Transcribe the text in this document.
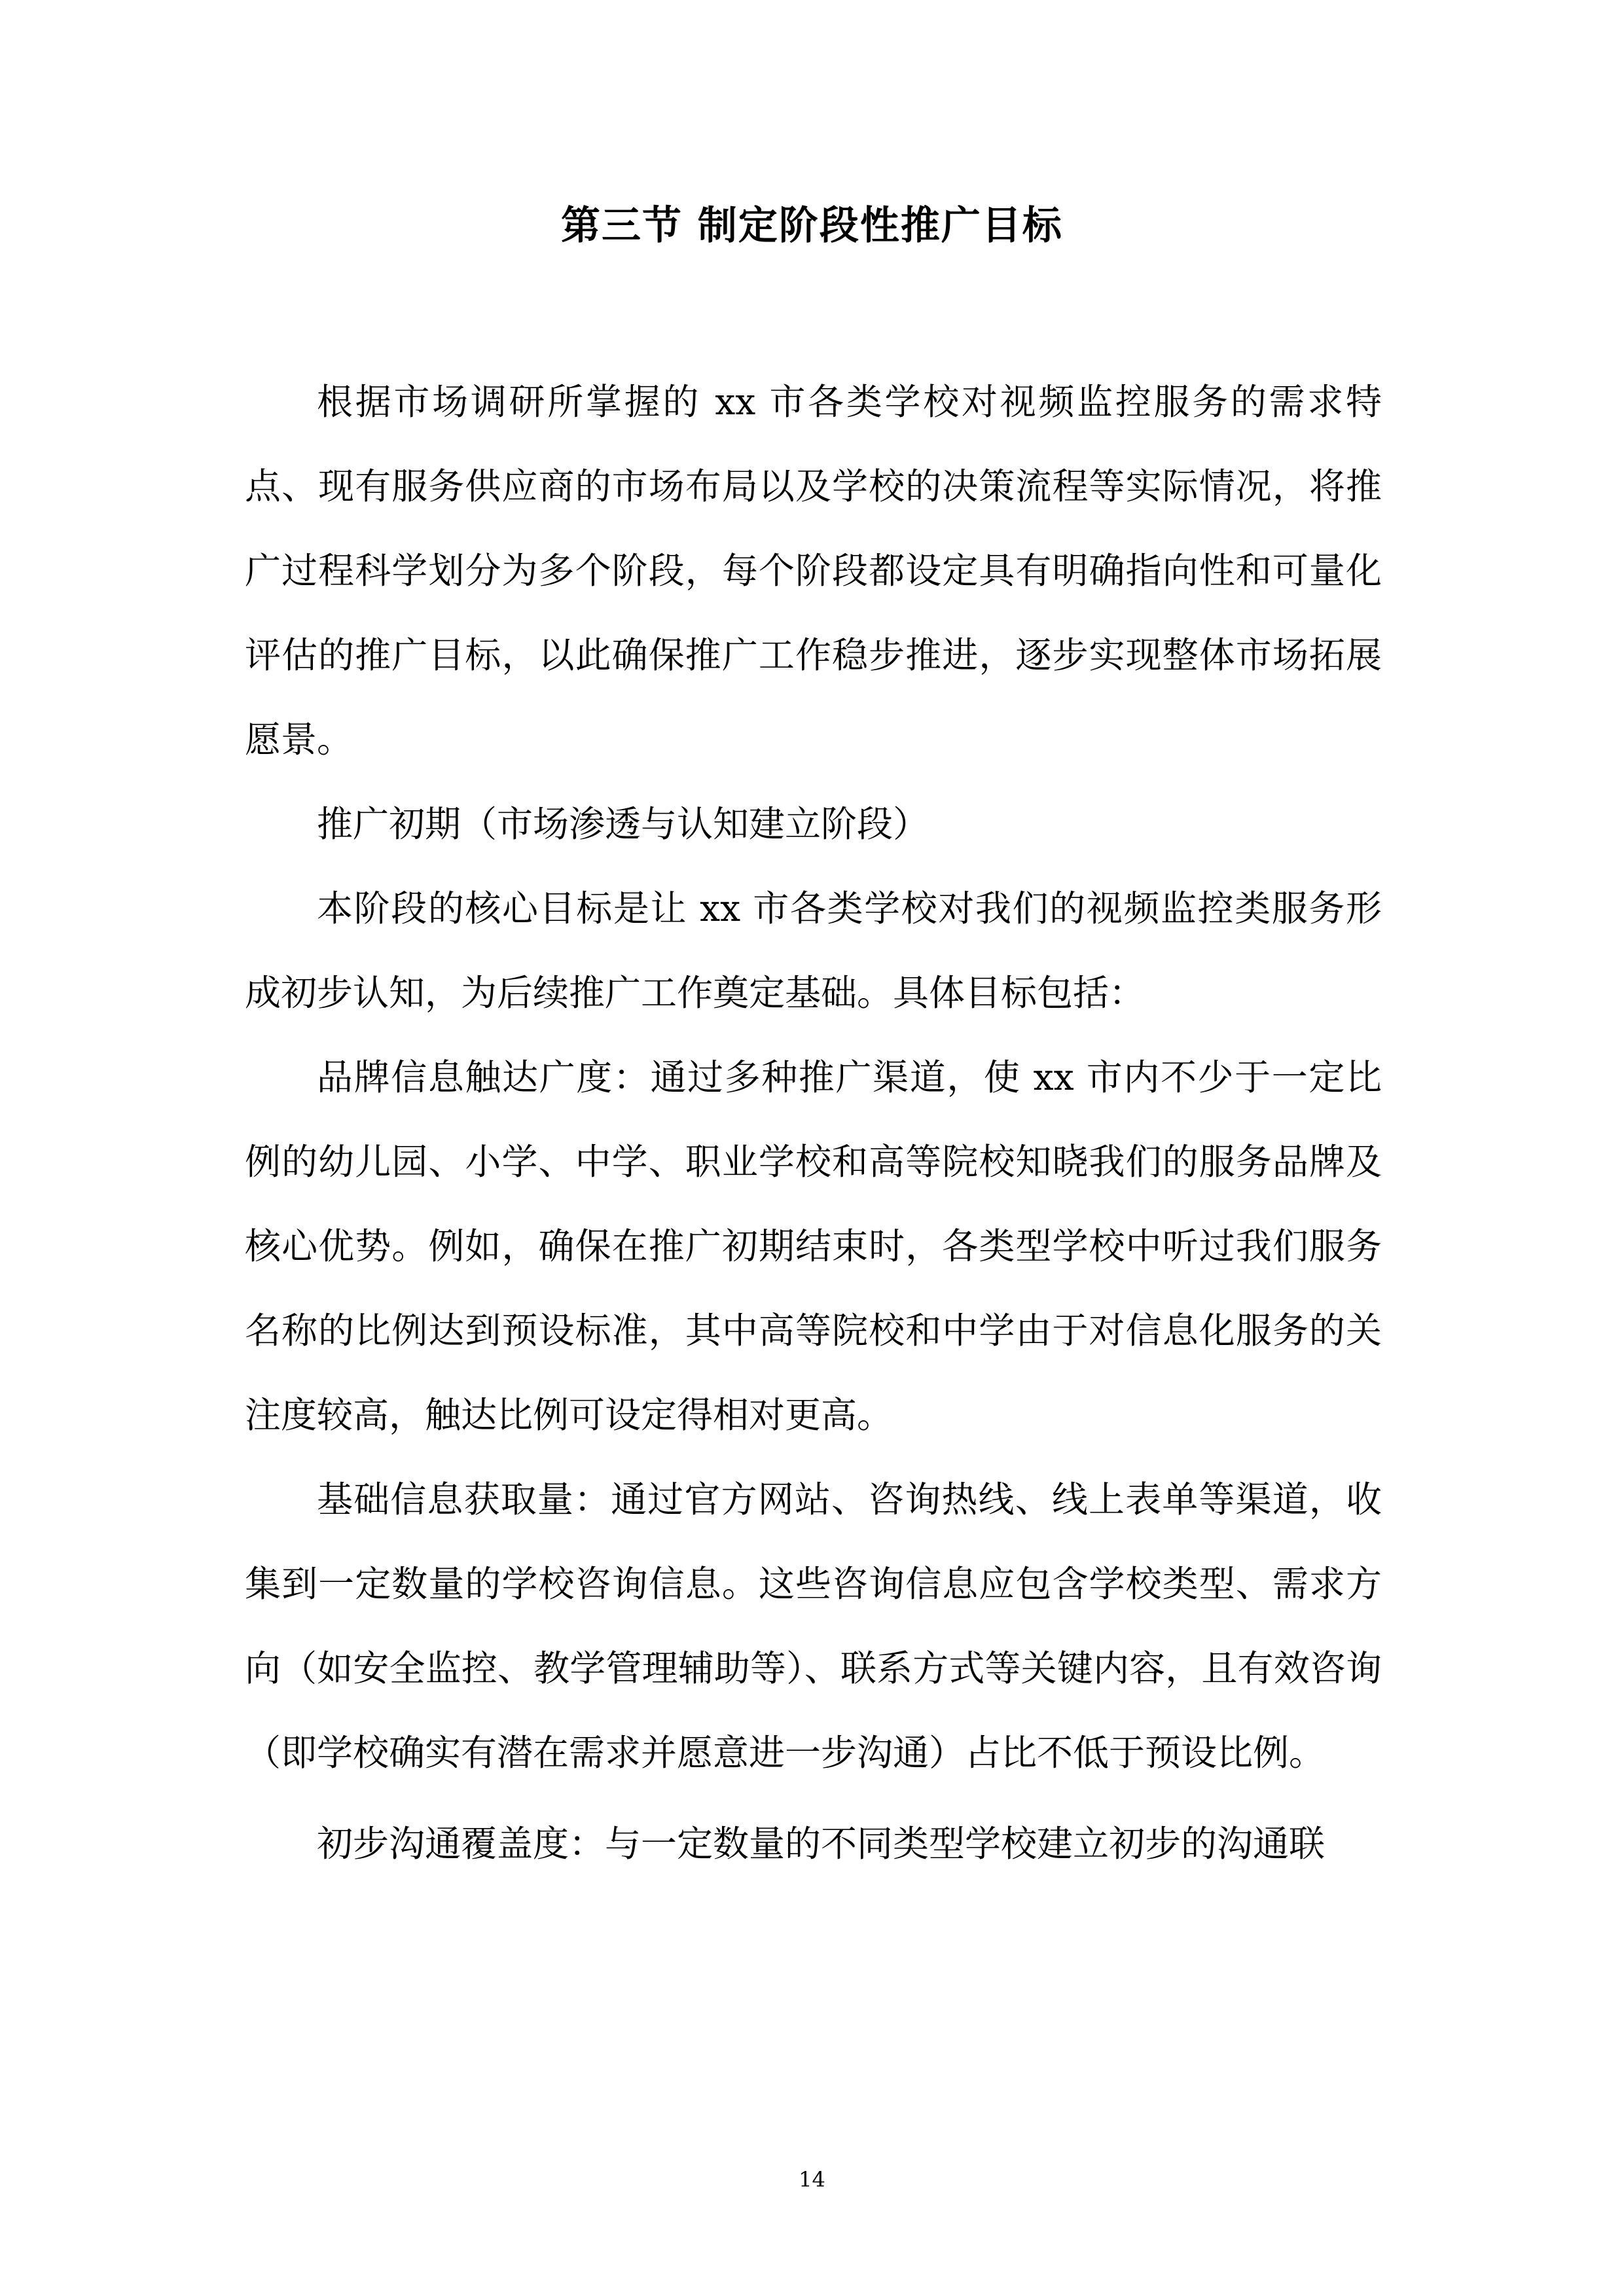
第三节 制定阶段性推广目标

根据市场调研所掌握的 xx 市各类学校对视频监控服务的需求特点、现有服务供应商的市场布局以及学校的决策流程等实际情况，将推广过程科学划分为多个阶段，每个阶段都设定具有明确指向性和可量化评估的推广目标，以此确保推广工作稳步推进，逐步实现整体市场拓展愿景。

推广初期（市场渗透与认知建立阶段）

本阶段的核心目标是让 xx 市各类学校对我们的视频监控类服务形成初步认知，为后续推广工作奠定基础。具体目标包括：

品牌信息触达广度：通过多种推广渠道，使 xx 市内不少于一定比例的幼儿园、小学、中学、职业学校和高等院校知晓我们的服务品牌及核心优势。例如，确保在推广初期结束时，各类型学校中听过我们服务名称的比例达到预设标准，其中高等院校和中学由于对信息化服务的关注度较高，触达比例可设定得相对更高。

基础信息获取量：通过官方网站、咨询热线、线上表单等渠道，收集到一定数量的学校咨询信息。这些咨询信息应包含学校类型、需求方向（如安全监控、教学管理辅助等）、联系方式等关键内容，且有效咨询（即学校确实有潜在需求并愿意进一步沟通）占比不低于预设比例。

初步沟通覆盖度：与一定数量的不同类型学校建立初步的沟通联

14
